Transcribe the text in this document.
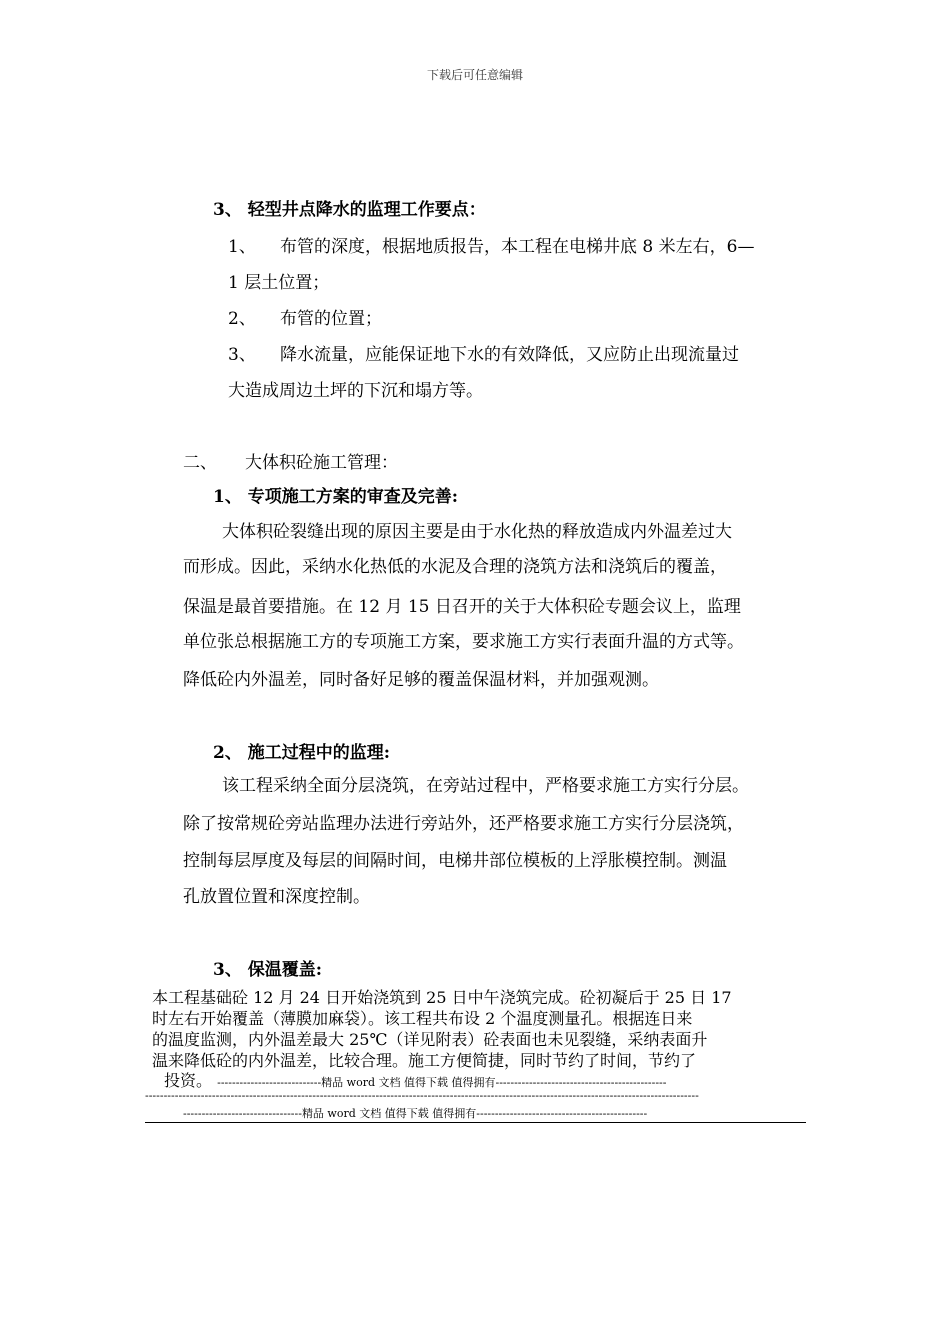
下载后可任意编辑
3、 轻型井点降水的监理工作要点：
1、 布管的深度，根据地质报告，本工程在电梯井底 8 米左右，6—
1 层土位置；
2、 布管的位置；
3、 降水流量，应能保证地下水的有效降低，又应防止出现流量过
大造成周边土坪的下沉和塌方等。
二、 大体积砼施工管理：
1、 专项施工方案的审查及完善:
大体积砼裂缝出现的原因主要是由于水化热的释放造成内外温差过大
而形成。因此，采纳水化热低的水泥及合理的浇筑方法和浇筑后的覆盖，
保温是最首要措施。在 12 月 15 日召开的关于大体积砼专题会议上，监理
单位张总根据施工方的专项施工方案，要求施工方实行表面升温的方式等。
降低砼内外温差，同时备好足够的覆盖保温材料，并加强观测。
2、 施工过程中的监理:
该工程采纳全面分层浇筑，在旁站过程中，严格要求施工方实行分层。
除了按常规砼旁站监理办法进行旁站外，还严格要求施工方实行分层浇筑，
控制每层厚度及每层的间隔时间，电梯井部位模板的上浮胀模控制。测温
孔放置位置和深度控制。
3、 保温覆盖:
本工程基础砼 12 月 24 日开始浇筑到 25 日中午浇筑完成。砼初凝后于 25 日 17
时左右开始覆盖（薄膜加麻袋）。该工程共布设 2 个温度测量孔。根据连日来
的温度监测，内外温差最大 25℃（详见附表）砼表面也未见裂缝，采纳表面升
温来降低砼的内外温差，比较合理。施工方便简捷，同时节约了时间，节约了
投资。 ----------------------------精品 word 文档 值得下载 值得拥有----------------------------------------------
-----------------------------------------------------------------------------------------------------------------------------------------------------
--------------------------------精品 word 文档 值得下载 值得拥有----------------------------------------------
